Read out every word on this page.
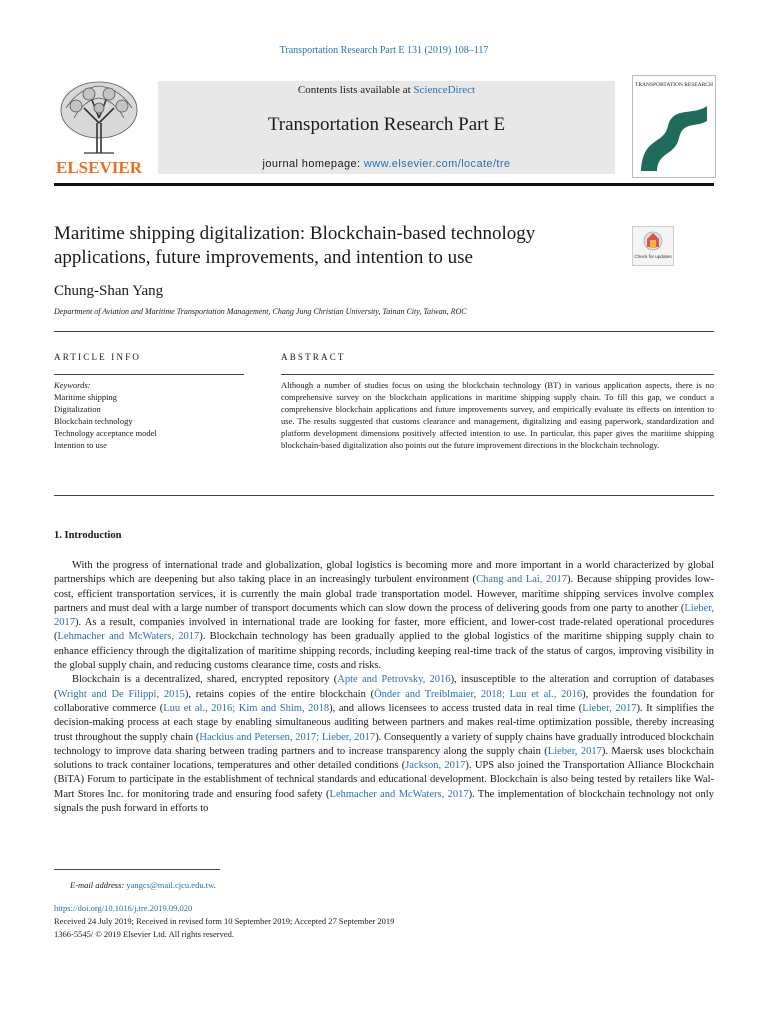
Transportation Research Part E 131 (2019) 108–117
ELSEVIER
Contents lists available at ScienceDirect
Transportation Research Part E
journal homepage: www.elsevier.com/locate/tre
TRANSPORTATION RESEARCH
Maritime shipping digitalization: Blockchain-based technology applications, future improvements, and intention to use	Check for updates
Chung-Shan Yang
Department of Aviation and Maritime Transportation Management, Chang Jung Christian University, Tainan City, Taiwan, ROC
ARTICLE INFO	ABSTRACT
Keywords:
Maritime shipping
Digitalization
Blockchain technology
Technology acceptance model
Intention to use
Although a number of studies focus on using the blockchain technology (BT) in various application aspects, there is no comprehensive survey on the blockchain applications in maritime shipping supply chain. To fill this gap, we conduct a comprehensive blockchain applications and future improvements survey, and empirically evaluate its effects on intention to use. The results suggested that customs clearance and management, digitalizing and easing paperwork, standardization and platform development dimensions positively affected intention to use. In particular, this paper gives the maritime shipping blockchain-based digitalization also points out the future improvement directions in the blockchain technology.
1. Introduction

With the progress of international trade and globalization, global logistics is becoming more and more important in a world characterized by global partnerships which are deepening but also taking place in an increasingly turbulent environment (Chang and Lai, 2017). Because shipping provides low-cost, efficient transportation services, it is currently the main global trade transportation model. However, maritime shipping services involve complex partners and must deal with a large number of transport documents which can slow down the process of delivering goods from one party to another (Lieber, 2017). As a result, companies involved in international trade are looking for faster, more efficient, and lower-cost trade-related operational procedures (Lehmacher and McWaters, 2017). Blockchain technology has been gradually applied to the global logistics of the maritime shipping supply chain to enhance efficiency through the digitalization of maritime shipping records, including keeping real-time track of the status of cargos, improving visibility in the global supply chain, and reducing customs clearance time, costs and risks.

Blockchain is a decentralized, shared, encrypted repository (Apte and Petrovsky, 2016), insusceptible to the alteration and corruption of databases (Wright and De Filippi, 2015), retains copies of the entire blockchain (Önder and Treiblmaier, 2018; Luu et al., 2016), provides the foundation for collaborative commerce (Luu et al., 2016; Kim and Shim, 2018), and allows licensees to access trusted data in real time (Lieber, 2017). It simplifies the decision-making process at each stage by enabling simultaneous auditing between partners and makes real-time optimization possible, thereby increasing trust throughout the supply chain (Hackius and Petersen, 2017; Lieber, 2017). Consequently a variety of supply chains have gradually introduced blockchain technology to improve data sharing between trading partners and to increase transparency along the supply chain (Lieber, 2017). Maersk uses blockchain solutions to track container locations, temperatures and other detailed conditions (Jackson, 2017). UPS also joined the Transportation Alliance Blockchain (BiTA) Forum to participate in the establishment of technical standards and educational development. Blockchain is also being tested by retailers like Wal-Mart Stores Inc. for monitoring trade and ensuring food safety (Lehmacher and McWaters, 2017). The implementation of blockchain technology not only signals the push forward in efforts to

E-mail address: yangcs@mail.cjcu.edu.tw.
https://doi.org/10.1016/j.tre.2019.09.020
Received 24 July 2019; Received in revised form 10 September 2019; Accepted 27 September 2019
1366-5545/ © 2019 Elsevier Ltd. All rights reserved.
